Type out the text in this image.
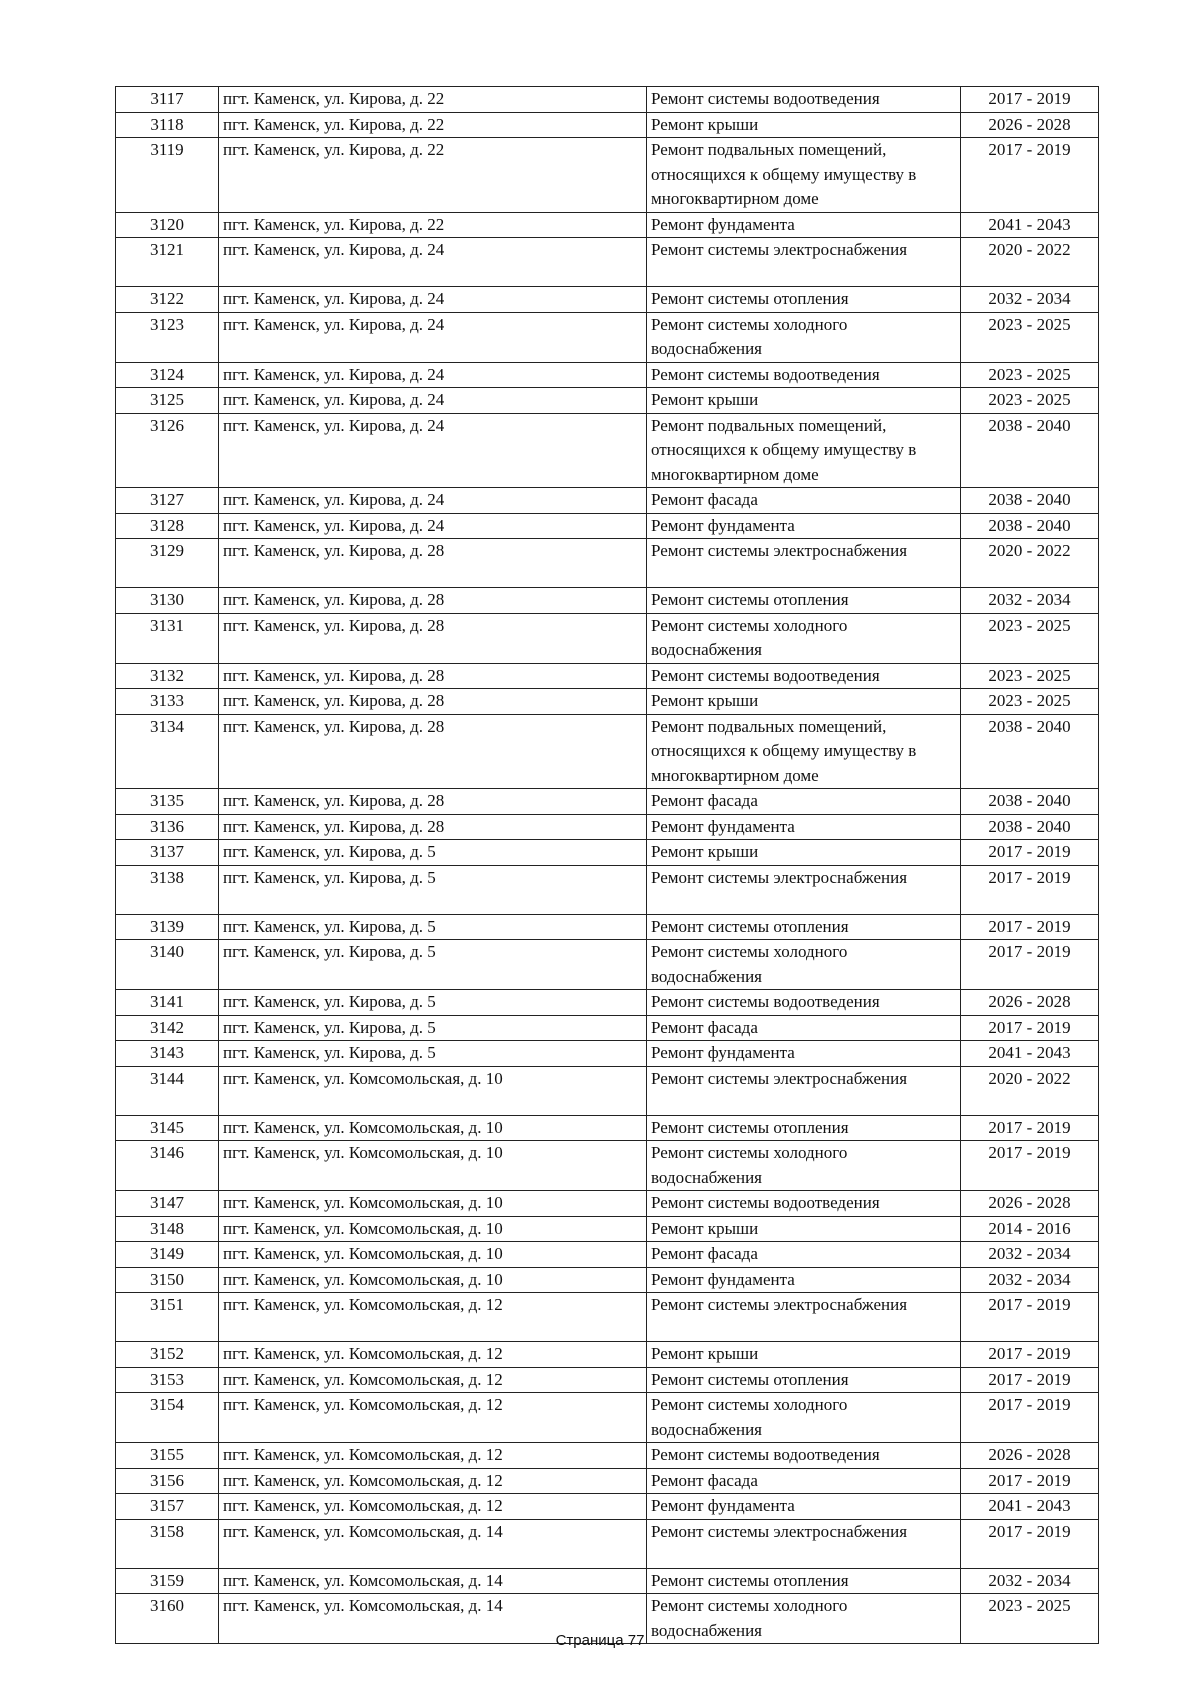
3117	пгт. Каменск, ул. Кирова, д. 22	Ремонт системы водоотведения	2017 - 2019
3118	пгт. Каменск, ул. Кирова, д. 22	Ремонт крыши	2026 - 2028
3119	пгт. Каменск, ул. Кирова, д. 22	Ремонт подвальных помещений, относящихся к общему имуществу в многоквартирном доме	2017 - 2019
3120	пгт. Каменск, ул. Кирова, д. 22	Ремонт фундамента	2041 - 2043
3121	пгт. Каменск, ул. Кирова, д. 24	Ремонт системы электроснабжения	2020 - 2022
3122	пгт. Каменск, ул. Кирова, д. 24	Ремонт системы отопления	2032 - 2034
3123	пгт. Каменск, ул. Кирова, д. 24	Ремонт системы холодного водоснабжения	2023 - 2025
3124	пгт. Каменск, ул. Кирова, д. 24	Ремонт системы водоотведения	2023 - 2025
3125	пгт. Каменск, ул. Кирова, д. 24	Ремонт крыши	2023 - 2025
3126	пгт. Каменск, ул. Кирова, д. 24	Ремонт подвальных помещений, относящихся к общему имуществу в многоквартирном доме	2038 - 2040
3127	пгт. Каменск, ул. Кирова, д. 24	Ремонт фасада	2038 - 2040
3128	пгт. Каменск, ул. Кирова, д. 24	Ремонт фундамента	2038 - 2040
3129	пгт. Каменск, ул. Кирова, д. 28	Ремонт системы электроснабжения	2020 - 2022
3130	пгт. Каменск, ул. Кирова, д. 28	Ремонт системы отопления	2032 - 2034
3131	пгт. Каменск, ул. Кирова, д. 28	Ремонт системы холодного водоснабжения	2023 - 2025
3132	пгт. Каменск, ул. Кирова, д. 28	Ремонт системы водоотведения	2023 - 2025
3133	пгт. Каменск, ул. Кирова, д. 28	Ремонт крыши	2023 - 2025
3134	пгт. Каменск, ул. Кирова, д. 28	Ремонт подвальных помещений, относящихся к общему имуществу в многоквартирном доме	2038 - 2040
3135	пгт. Каменск, ул. Кирова, д. 28	Ремонт фасада	2038 - 2040
3136	пгт. Каменск, ул. Кирова, д. 28	Ремонт фундамента	2038 - 2040
3137	пгт. Каменск, ул. Кирова, д. 5	Ремонт крыши	2017 - 2019
3138	пгт. Каменск, ул. Кирова, д. 5	Ремонт системы электроснабжения	2017 - 2019
3139	пгт. Каменск, ул. Кирова, д. 5	Ремонт системы отопления	2017 - 2019
3140	пгт. Каменск, ул. Кирова, д. 5	Ремонт системы холодного водоснабжения	2017 - 2019
3141	пгт. Каменск, ул. Кирова, д. 5	Ремонт системы водоотведения	2026 - 2028
3142	пгт. Каменск, ул. Кирова, д. 5	Ремонт фасада	2017 - 2019
3143	пгт. Каменск, ул. Кирова, д. 5	Ремонт фундамента	2041 - 2043
3144	пгт. Каменск, ул. Комсомольская, д. 10	Ремонт системы электроснабжения	2020 - 2022
3145	пгт. Каменск, ул. Комсомольская, д. 10	Ремонт системы отопления	2017 - 2019
3146	пгт. Каменск, ул. Комсомольская, д. 10	Ремонт системы холодного водоснабжения	2017 - 2019
3147	пгт. Каменск, ул. Комсомольская, д. 10	Ремонт системы водоотведения	2026 - 2028
3148	пгт. Каменск, ул. Комсомольская, д. 10	Ремонт крыши	2014 - 2016
3149	пгт. Каменск, ул. Комсомольская, д. 10	Ремонт фасада	2032 - 2034
3150	пгт. Каменск, ул. Комсомольская, д. 10	Ремонт фундамента	2032 - 2034
3151	пгт. Каменск, ул. Комсомольская, д. 12	Ремонт системы электроснабжения	2017 - 2019
3152	пгт. Каменск, ул. Комсомольская, д. 12	Ремонт крыши	2017 - 2019
3153	пгт. Каменск, ул. Комсомольская, д. 12	Ремонт системы отопления	2017 - 2019
3154	пгт. Каменск, ул. Комсомольская, д. 12	Ремонт системы холодного водоснабжения	2017 - 2019
3155	пгт. Каменск, ул. Комсомольская, д. 12	Ремонт системы водоотведения	2026 - 2028
3156	пгт. Каменск, ул. Комсомольская, д. 12	Ремонт фасада	2017 - 2019
3157	пгт. Каменск, ул. Комсомольская, д. 12	Ремонт фундамента	2041 - 2043
3158	пгт. Каменск, ул. Комсомольская, д. 14	Ремонт системы электроснабжения	2017 - 2019
3159	пгт. Каменск, ул. Комсомольская, д. 14	Ремонт системы отопления	2032 - 2034
3160	пгт. Каменск, ул. Комсомольская, д. 14	Ремонт системы холодного водоснабжения	2023 - 2025
Страница 77
